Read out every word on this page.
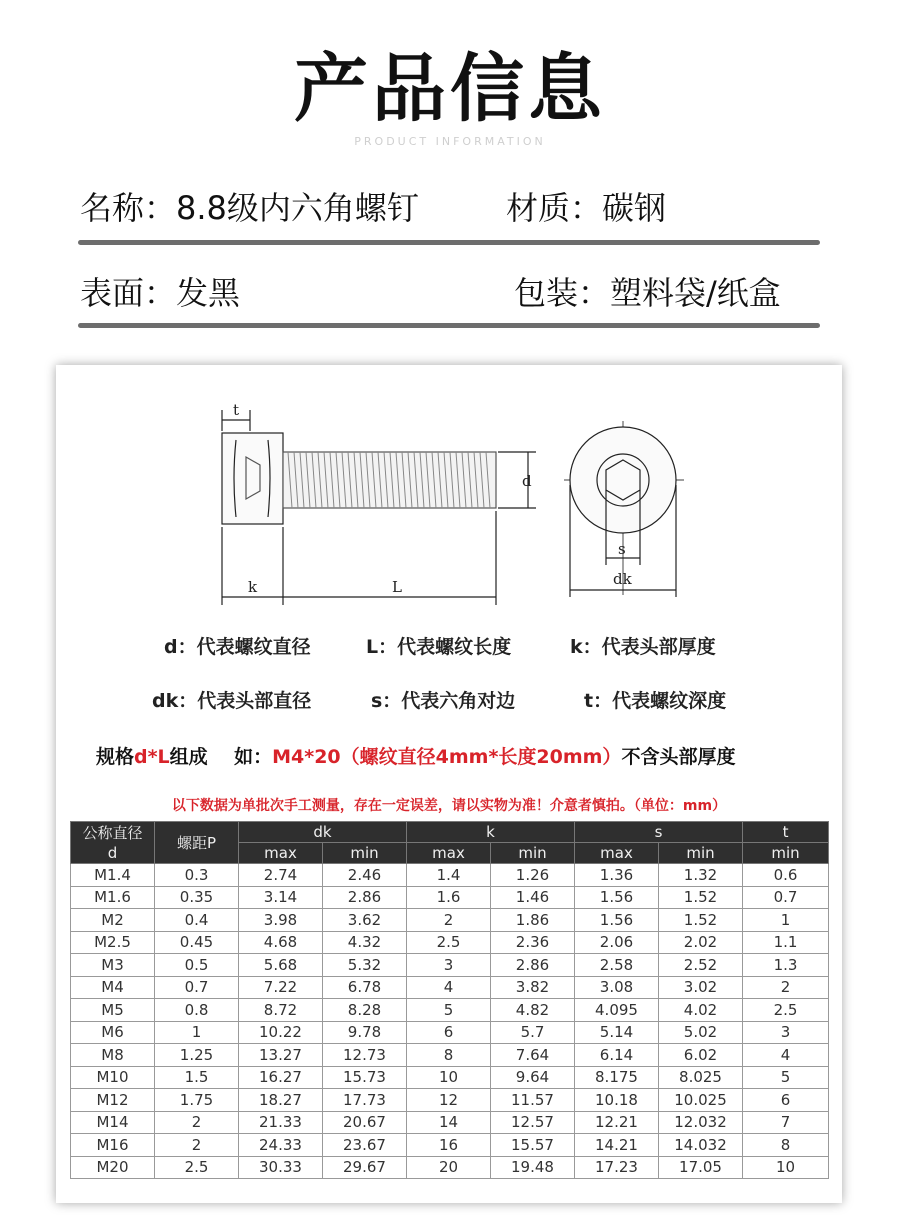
产品信息
PRODUCT INFORMATION
名称：8.8级内六角螺钉	材质：碳钢
表面：发黑	包装：塑料袋/纸盒
t
d
k	L
s
dk
d：代表螺纹直径	L：代表螺纹长度	k：代表头部厚度
dk：代表头部直径	s：代表六角对边	t：代表螺纹深度
规格d*L组成    如：M4*20（螺纹直径4mm*长度20mm）不含头部厚度
以下数据为单批次手工测量，存在一定误差，请以实物为准！介意者慎拍。（单位：mm）
公称直径
d	螺距P	dk		k		s		t
		max	min	max	min	max	min	min
M1.4	0.3	2.74	2.46	1.4	1.26	1.36	1.32	0.6
M1.6	0.35	3.14	2.86	1.6	1.46	1.56	1.52	0.7
M2	0.4	3.98	3.62	2	1.86	1.56	1.52	1
M2.5	0.45	4.68	4.32	2.5	2.36	2.06	2.02	1.1
M3	0.5	5.68	5.32	3	2.86	2.58	2.52	1.3
M4	0.7	7.22	6.78	4	3.82	3.08	3.02	2
M5	0.8	8.72	8.28	5	4.82	4.095	4.02	2.5
M6	1	10.22	9.78	6	5.7	5.14	5.02	3
M8	1.25	13.27	12.73	8	7.64	6.14	6.02	4
M10	1.5	16.27	15.73	10	9.64	8.175	8.025	5
M12	1.75	18.27	17.73	12	11.57	10.18	10.025	6
M14	2	21.33	20.67	14	12.57	12.21	12.032	7
M16	2	24.33	23.67	16	15.57	14.21	14.032	8
M20	2.5	30.33	29.67	20	19.48	17.23	17.05	10
